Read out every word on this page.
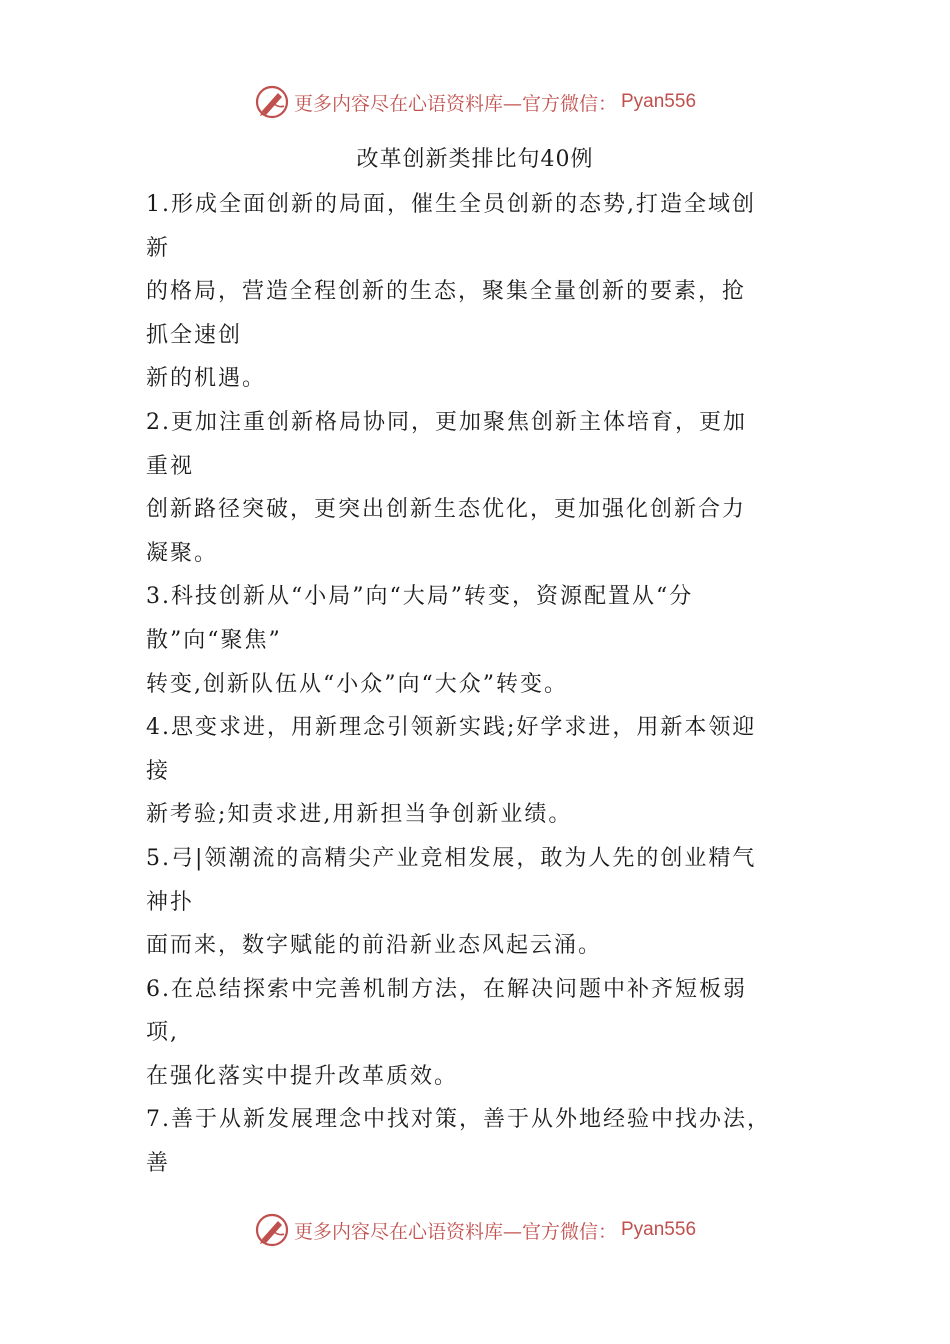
更多内容尽在心语资料库—官方微信： Pyan556
改革创新类排比句40例
1.形成全面创新的局面，催生全员创新的态势,打造全域创
新
的格局，营造全程创新的生态，聚集全量创新的要素，抢
抓全速创
新的机遇。
2.更加注重创新格局协同，更加聚焦创新主体培育，更加
重视
创新路径突破，更突出创新生态优化，更加强化创新合力
凝聚。
3.科技创新从“小局”向“大局”转变，资源配置从“分
散”向“聚焦”
转变,创新队伍从“小众”向“大众”转变。
4.思变求进，用新理念引领新实践;好学求进，用新本领迎
接
新考验;知责求进,用新担当争创新业绩。
5.弓|领潮流的高精尖产业竞相发展，敢为人先的创业精气
神扑
面而来，数字赋能的前沿新业态风起云涌。
6.在总结探索中完善机制方法，在解决问题中补齐短板弱
项,
在强化落实中提升改革质效。
7.善于从新发展理念中找对策，善于从外地经验中找办法，
善
更多内容尽在心语资料库—官方微信： Pyan556
